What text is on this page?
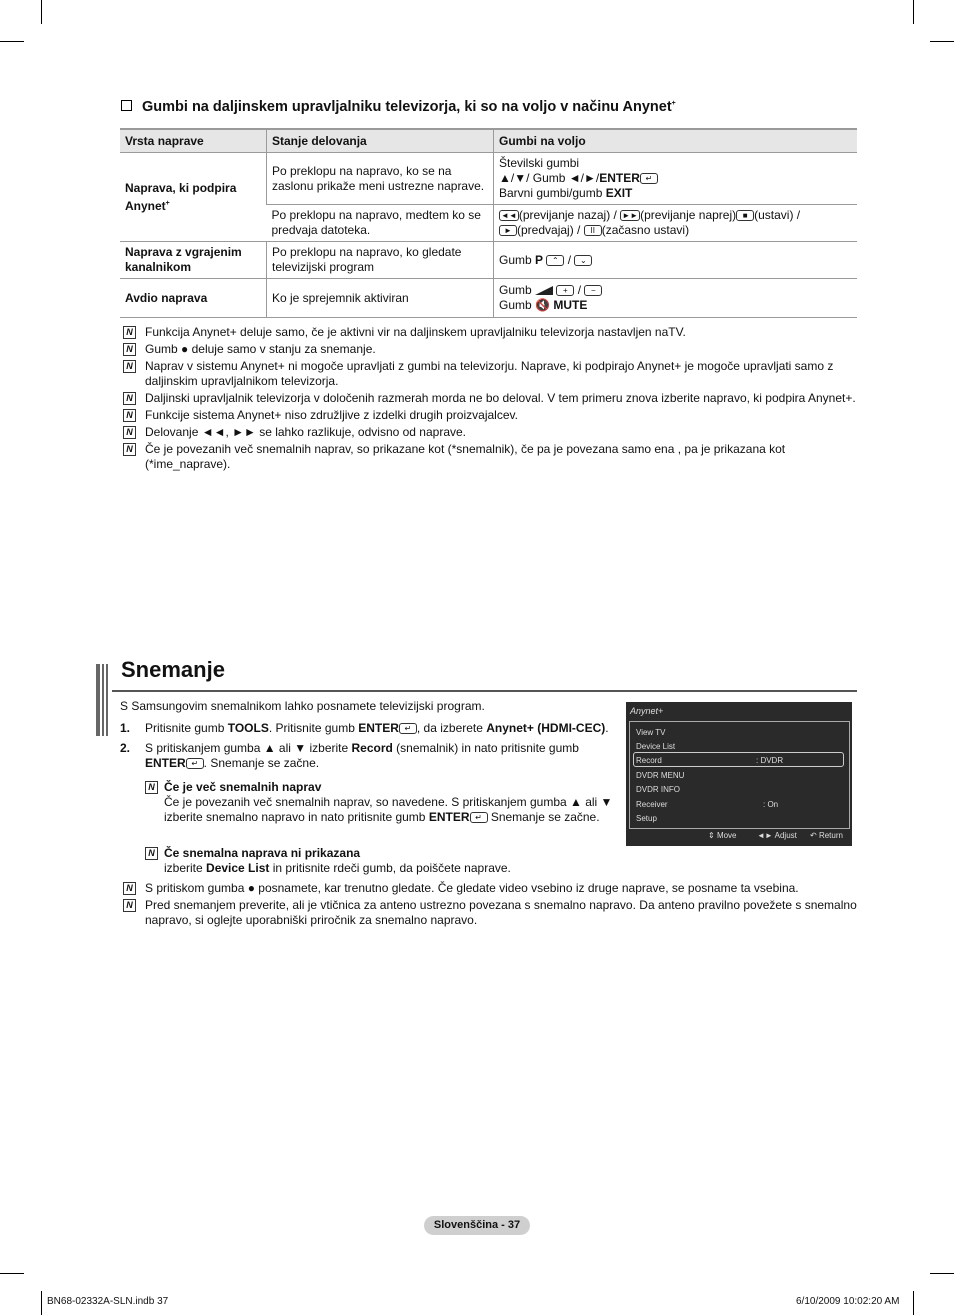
Gumbi na daljinskem upravljalniku televizorja, ki so na voljo v načinu Anynet+
Vrsta naprave	Stanje delovanja	Gumbi na voljo
Naprava, ki podpira Anynet+	Po preklopu na napravo, ko se na zaslonu prikaže meni ustrezne naprave.	Številski gumbi
▲/▼/ Gumb ◄/►/ENTER ↵
Barvni gumbi/gumb EXIT

	Po preklopu na napravo, medtem ko se predvaja datoteka.	◄◄ (previjanje nazaj) / ►► (previjanje naprej) ■ (ustavi) /
► (predvajaj) / II (začasno ustavi)
Naprava z vgrajenim kanalnikom	Po preklopu na napravo, ko gledate televizijski program	Gumb P ⌃ / ⌄
Avdio naprava	Ko je sprejemnik aktiviran	Gumb + / −
Gumb 🔇 MUTE
N Funkcija Anynet+ deluje samo, če je aktivni vir na daljinskem upravljalniku televizorja nastavljen naTV.
N Gumb ● deluje samo v stanju za snemanje.
N Naprav v sistemu Anynet+ ni mogoče upravljati z gumbi na televizorju. Naprave, ki podpirajo Anynet+ je mogoče upravljati samo z daljinskim upravljalnikom televizorja.
N Daljinski upravljalnik televizorja v določenih razmerah morda ne bo deloval. V tem primeru znova izberite napravo, ki podpira Anynet+.
N Funkcije sistema Anynet+ niso združljive z izdelki drugih proizvajalcev.
N Delovanje ◄◄, ►► se lahko razlikuje, odvisno od naprave.
N Če je povezanih več snemalnih naprav, so prikazane kot (*snemalnik), če pa je povezana samo ena , pa je prikazana kot (*ime_naprave).
Snemanje
S Samsungovim snemalnikom lahko posnamete televizijski program.
1. Pritisnite gumb TOOLS. Pritisnite gumb ENTER ↵ , da izberete Anynet+ (HDMI-CEC).
2. S pritiskanjem gumba ▲ ali ▼ izberite Record (snemalnik) in nato pritisnite gumb ENTER ↵ . Snemanje se začne.
N Če je več snemalnih naprav
Če je povezanih več snemalnih naprav, so navedene. S pritiskanjem gumba ▲ ali ▼ izberite snemalno napravo in nato pritisnite gumb ENTER ↵ Snemanje se začne.
N Če snemalna naprava ni prikazana
izberite Device List in pritisnite rdeči gumb, da poiščete naprave.
N S pritiskom gumba ● posnamete, kar trenutno gledate. Če gledate video vsebino iz druge naprave, se posname ta vsebina.
N Pred snemanjem preverite, ali je vtičnica za anteno ustrezno povezana s snemalno napravo. Da anteno pravilno povežete s snemalno napravo, si oglejte uporabniški priročnik za snemalno napravo.
Anynet+
View TV
Device List
Record	: DVDR
DVDR MENU
DVDR INFO
Receiver	: On
Setup
⇕ Move	◄► Adjust ↶ Return
Slovenščina - 37
BN68-02332A-SLN.indb 37	6/10/2009 10:02:20 AM
